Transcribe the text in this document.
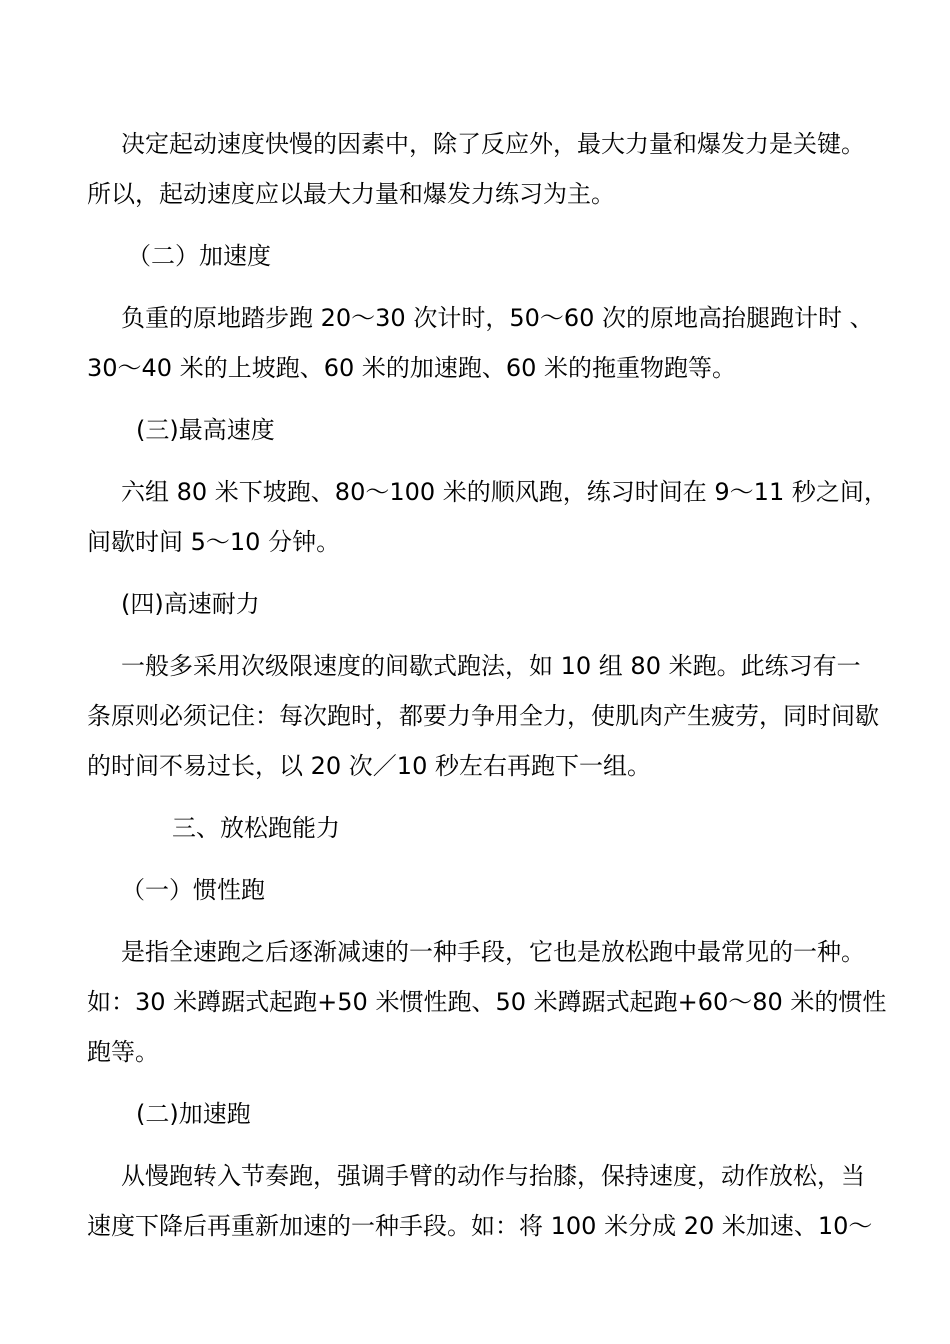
决定起动速度快慢的因素中，除了反应外，最大力量和爆发力是关键。
所以，起动速度应以最大力量和爆发力练习为主。
（二）加速度
负重的原地踏步跑 20～30 次计时，50～60 次的原地高抬腿跑计时 、
30～40 米的上坡跑、60 米的加速跑、60 米的拖重物跑等。
(三)最高速度
六组 80 米下坡跑、80～100 米的顺风跑，练习时间在 9～11 秒之间，
间歇时间 5～10 分钟。
(四)高速耐力
一般多采用次级限速度的间歇式跑法，如 10 组 80 米跑。此练习有一
条原则必须记住：每次跑时，都要力争用全力，使肌肉产生疲劳，同时间歇
的时间不易过长，以 20 次／10 秒左右再跑下一组。
三、放松跑能力
（一）惯性跑
是指全速跑之后逐渐减速的一种手段，它也是放松跑中最常见的一种。
如：30 米蹲踞式起跑+50 米惯性跑、50 米蹲踞式起跑+60～80 米的惯性
跑等。
(二)加速跑
从慢跑转入节奏跑，强调手臂的动作与抬膝，保持速度，动作放松，当
速度下降后再重新加速的一种手段。如：将 100 米分成 20 米加速、10～
